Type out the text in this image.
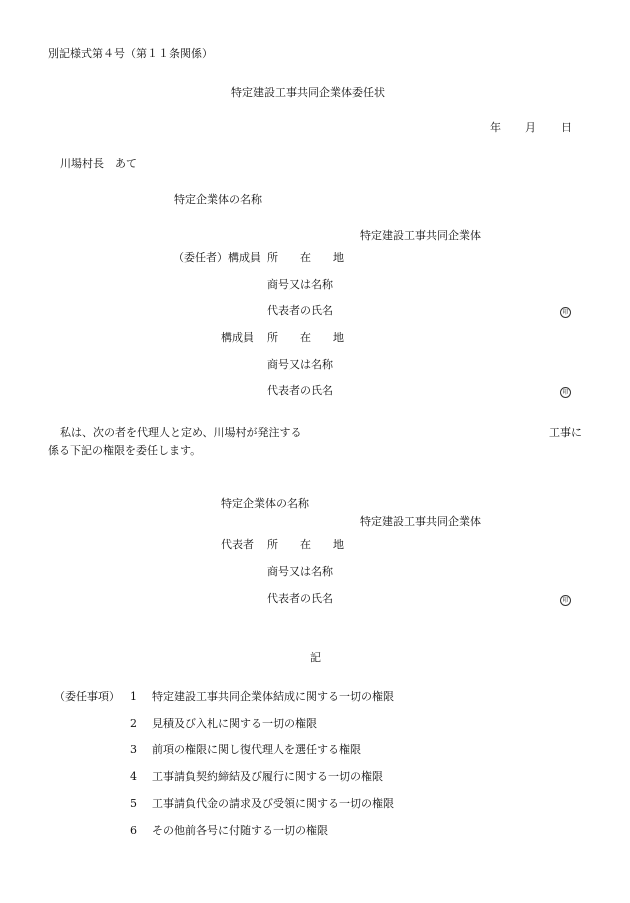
別記様式第４号（第１１条関係）
特定建設工事共同企業体委任状
年 月 日
川場村長　あて
特定企業体の名称
特定建設工事共同企業体
（委任者）構成員 所　　在　　地
商号又は名称
代表者の氏名	印
構成員 所　　在　　地
商号又は名称
代表者の氏名	印
私は、次の者を代理人と定め、川場村が発注する	工事に
係る下記の権限を委任します。
特定企業体の名称
特定建設工事共同企業体
代表者 所　　在　　地
商号又は名称
代表者の氏名	印
記
（委任事項） 1 特定建設工事共同企業体結成に関する一切の権限
2 見積及び入札に関する一切の権限
3 前項の権限に関し復代理人を選任する権限
4 工事請負契約締結及び履行に関する一切の権限
5 工事請負代金の請求及び受領に関する一切の権限
6 その他前各号に付随する一切の権限
